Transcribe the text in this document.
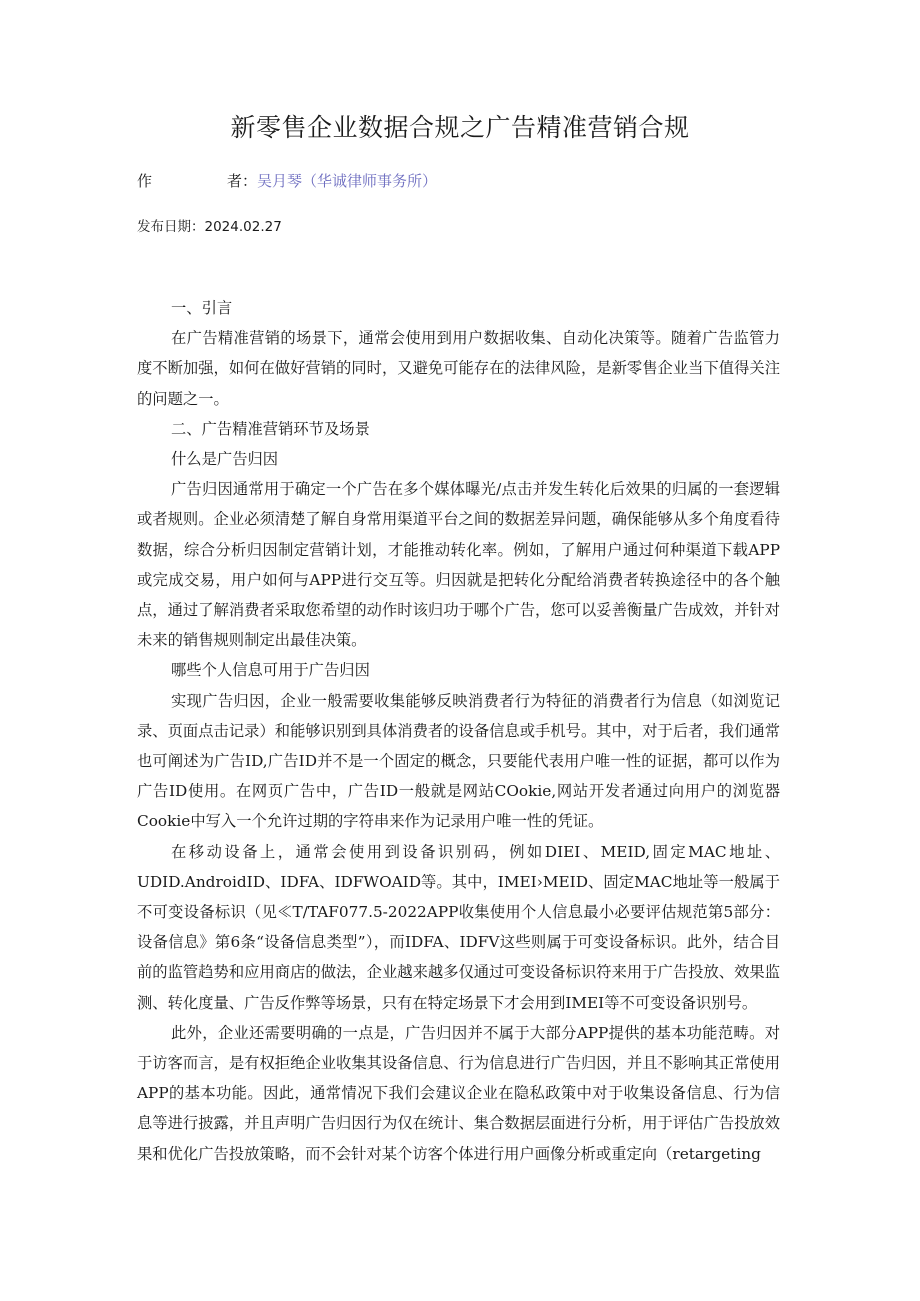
新零售企业数据合规之广告精准营销合规
作	者：吴月琴（华诚律师事务所）
发布日期：2024.02.27

一、引言

在广告精准营销的场景下，通常会使用到用户数据收集、自动化决策等。随着广告监管力度不断加强，如何在做好营销的同时，又避免可能存在的法律风险，是新零售企业当下值得关注的问题之一。

二、广告精准营销环节及场景

什么是广告归因

广告归因通常用于确定一个广告在多个媒体曝光/点击并发生转化后效果的归属的一套逻辑或者规则。企业必须清楚了解自身常用渠道平台之间的数据差异问题，确保能够从多个角度看待数据，综合分析归因制定营销计划，才能推动转化率。例如，了解用户通过何种渠道下载APP或完成交易，用户如何与APP进行交互等。归因就是把转化分配给消费者转换途径中的各个触点，通过了解消费者采取您希望的动作时该归功于哪个广告，您可以妥善衡量广告成效，并针对未来的销售规则制定出最佳决策。

哪些个人信息可用于广告归因

实现广告归因，企业一般需要收集能够反映消费者行为特征的消费者行为信息（如浏览记录、页面点击记录）和能够识别到具体消费者的设备信息或手机号。其中，对于后者，我们通常也可阐述为广告ID,广告ID并不是一个固定的概念，只要能代表用户唯一性的证据，都可以作为广告ID使用。在网页广告中，广告ID一般就是网站COokie,网站开发者通过向用户的浏览器Cookie中写入一个允许过期的字符串来作为记录用户唯一性的凭证。

在移动设备上，通常会使用到设备识别码，例如DIEI、MEID,固定MAC地址、UDID.AndroidID、IDFA、IDFWOAID等。其中，IMEI›MEID、固定MAC地址等一般属于不可变设备标识（见≪T/TAF077.5-2022APP收集使用个人信息最小必要评估规范第5部分：设备信息》第6条“设备信息类型”），而IDFA、IDFV这些则属于可变设备标识。此外，结合目前的监管趋势和应用商店的做法，企业越来越多仅通过可变设备标识符来用于广告投放、效果监测、转化度量、广告反作弊等场景，只有在特定场景下才会用到IMEI等不可变设备识别号。

此外，企业还需要明确的一点是，广告归因并不属于大部分APP提供的基本功能范畴。对于访客而言，是有权拒绝企业收集其设备信息、行为信息进行广告归因，并且不影响其正常使用APP的基本功能。因此，通常情况下我们会建议企业在隐私政策中对于收集设备信息、行为信息等进行披露，并且声明广告归因行为仅在统计、集合数据层面进行分析，用于评估广告投放效果和优化广告投放策略，而不会针对某个访客个体进行用户画像分析或重定向（retargeting
